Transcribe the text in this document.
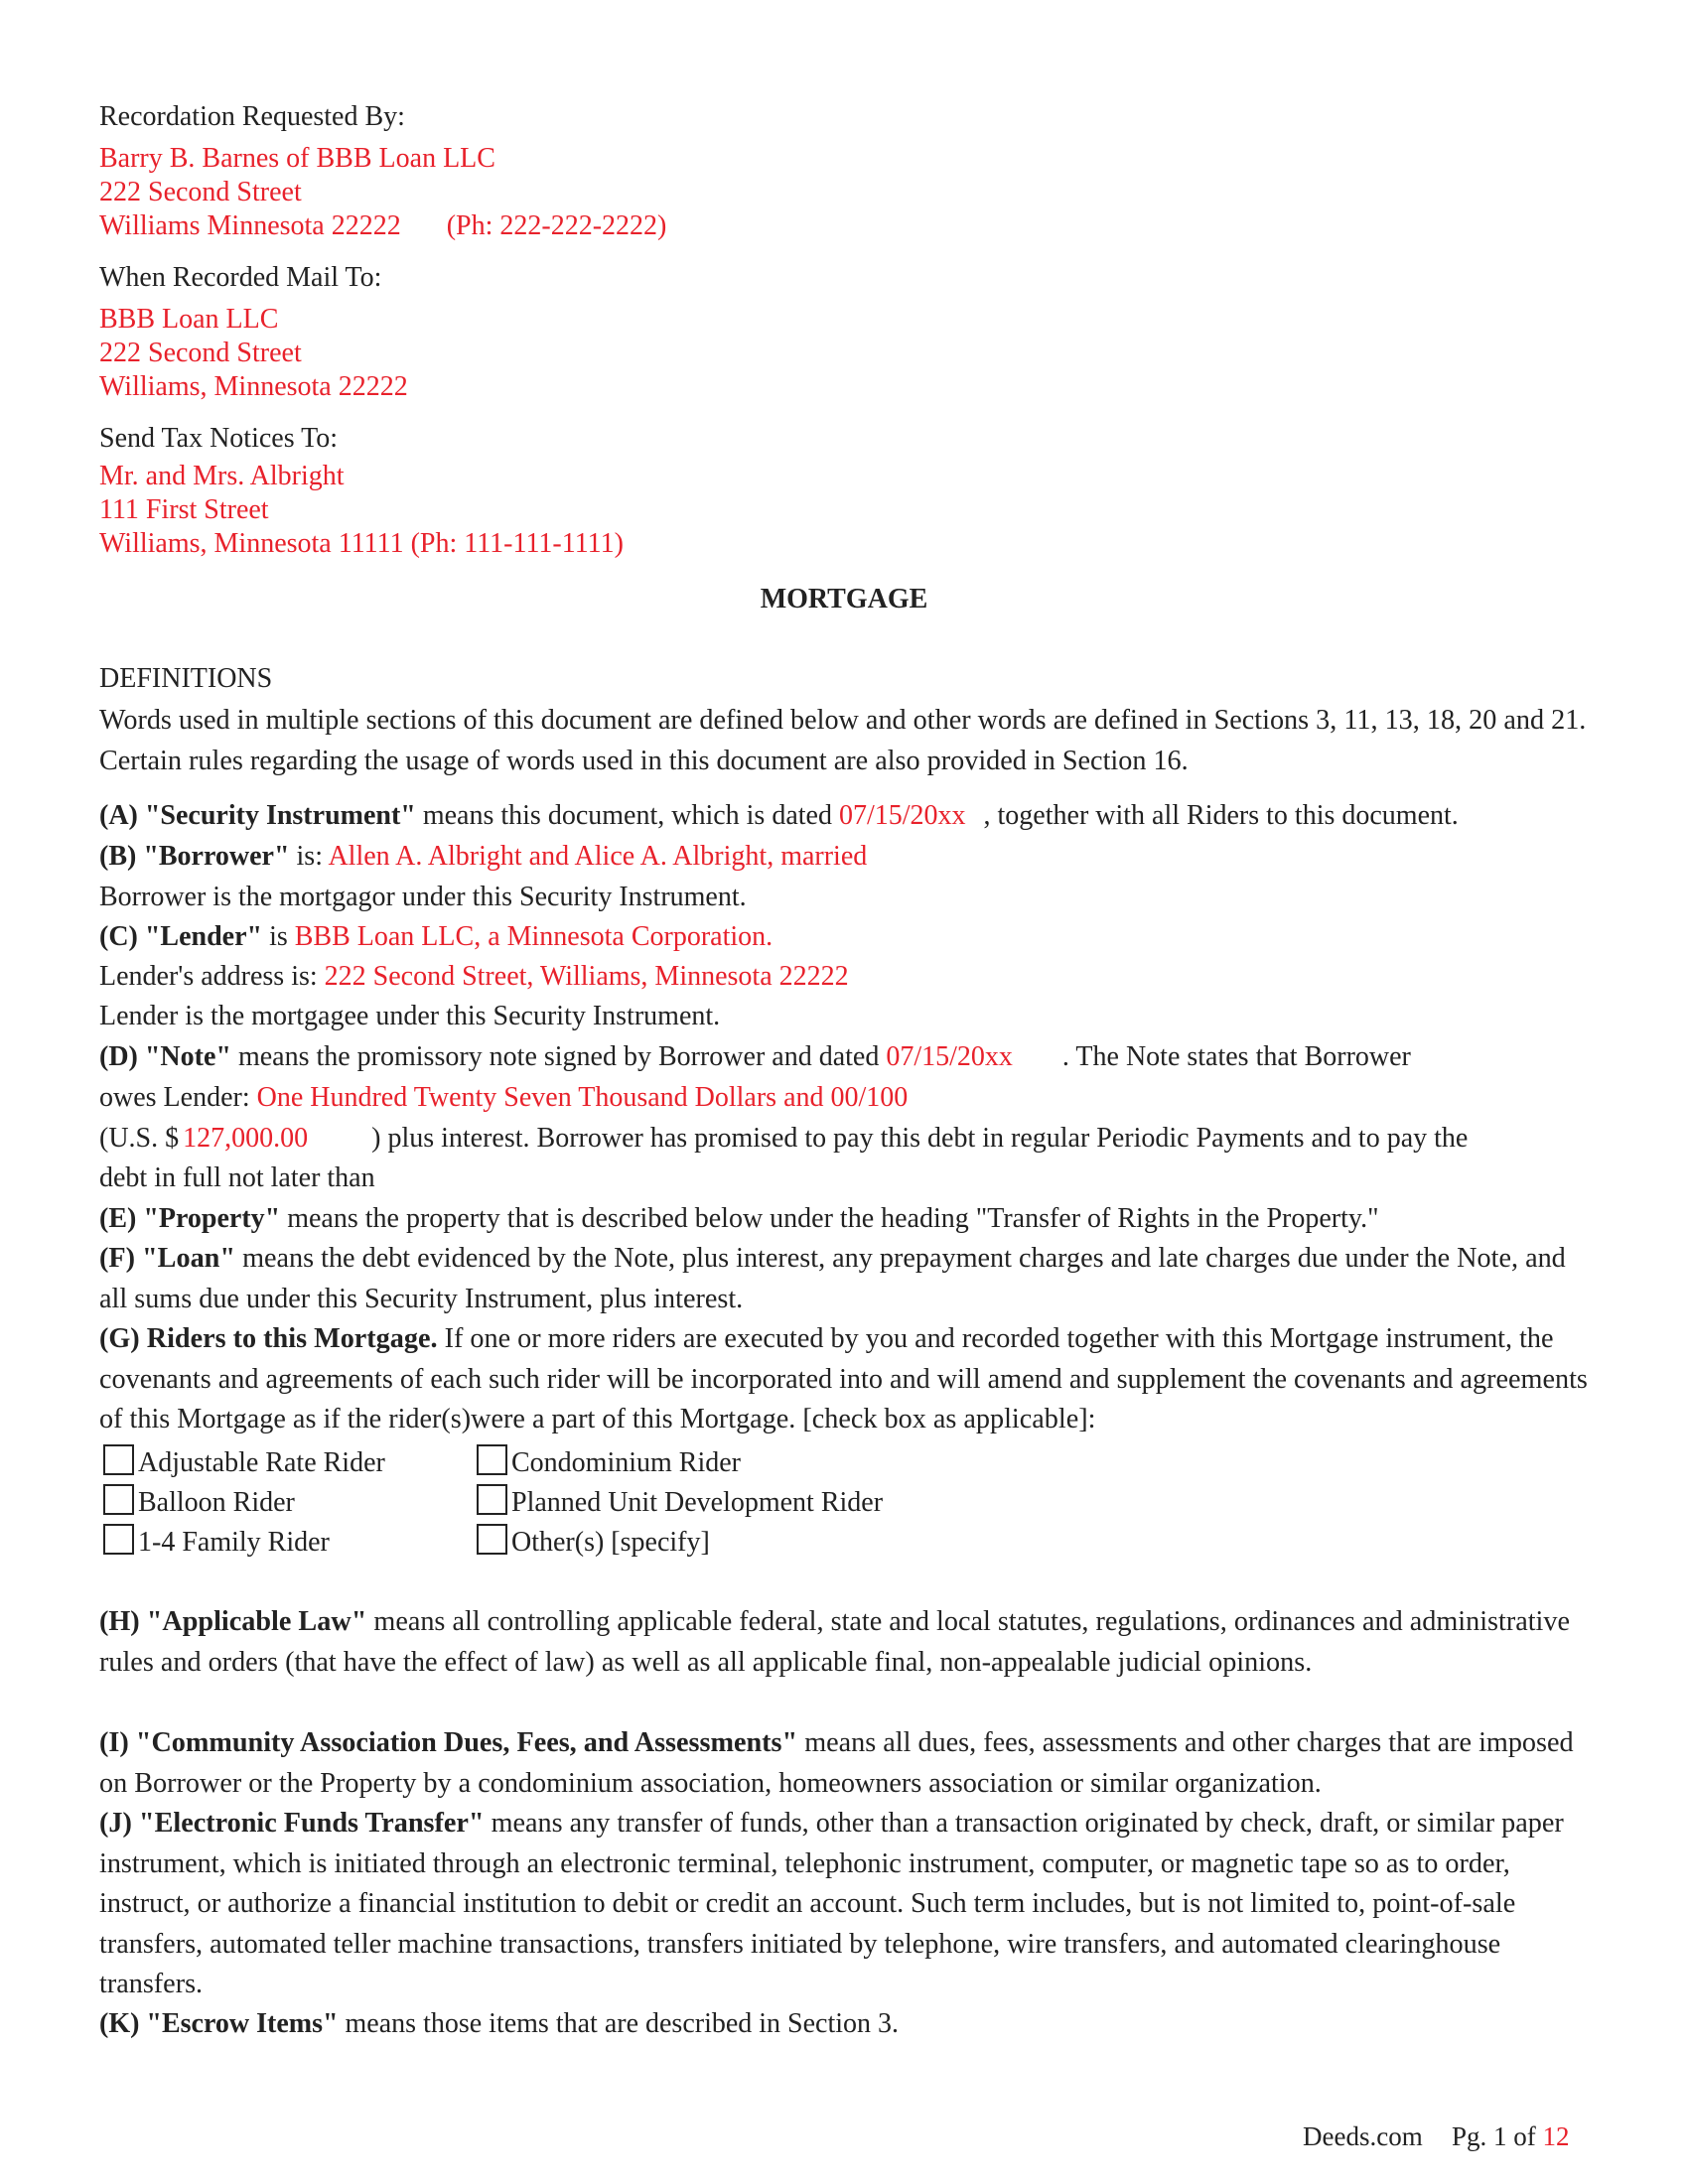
Recordation Requested By:
Barry B. Barnes of BBB Loan LLC
222 Second Street
Williams Minnesota 22222 (Ph: 222-222-2222)
When Recorded Mail To:
BBB Loan LLC
222 Second Street
Williams, Minnesota 22222
Send Tax Notices To:
Mr. and Mrs. Albright
111 First Street
Williams, Minnesota 11111 (Ph: 111-111-1111)
MORTGAGE
DEFINITIONS
Words used in multiple sections of this document are defined below and other words are defined in Sections 3, 11, 13, 18, 20 and 21. Certain rules regarding the usage of words used in this document are also provided in Section 16.
(A) "Security Instrument" means this document, which is dated 07/15/20xx , together with all Riders to this document.
(B) "Borrower" is: Allen A. Albright and Alice A. Albright, married
Borrower is the mortgagor under this Security Instrument.
(C) "Lender" is BBB Loan LLC, a Minnesota Corporation.
Lender's address is: 222 Second Street, Williams, Minnesota 22222
Lender is the mortgagee under this Security Instrument.
(D) "Note" means the promissory note signed by Borrower and dated 07/15/20xx . The Note states that Borrower
owes Lender: One Hundred Twenty Seven Thousand Dollars and 00/100
(U.S. $ 127,000.00 ) plus interest. Borrower has promised to pay this debt in regular Periodic Payments and to pay the
debt in full not later than
(E) "Property" means the property that is described below under the heading "Transfer of Rights in the Property."
(F) "Loan" means the debt evidenced by the Note, plus interest, any prepayment charges and late charges due under the Note, and all sums due under this Security Instrument, plus interest.
(G) Riders to this Mortgage. If one or more riders are executed by you and recorded together with this Mortgage instrument, the covenants and agreements of each such rider will be incorporated into and will amend and supplement the covenants and agreements of this Mortgage as if the rider(s)were a part of this Mortgage. [check box as applicable]:
Adjustable Rate Rider
Balloon Rider
1-4 Family Rider
Condominium Rider
Planned Unit Development Rider
Other(s) [specify]
(H) "Applicable Law" means all controlling applicable federal, state and local statutes, regulations, ordinances and administrative rules and orders (that have the effect of law) as well as all applicable final, non-appealable judicial opinions.
(I) "Community Association Dues, Fees, and Assessments" means all dues, fees, assessments and other charges that are imposed on Borrower or the Property by a condominium association, homeowners association or similar organization.
(J) "Electronic Funds Transfer" means any transfer of funds, other than a transaction originated by check, draft, or similar paper instrument, which is initiated through an electronic terminal, telephonic instrument, computer, or magnetic tape so as to order, instruct, or authorize a financial institution to debit or credit an account. Such term includes, but is not limited to, point-of-sale transfers, automated teller machine transactions, transfers initiated by telephone, wire transfers, and automated clearinghouse transfers.
(K) "Escrow Items" means those items that are described in Section 3.
Deeds.com Pg. 1 of 12
